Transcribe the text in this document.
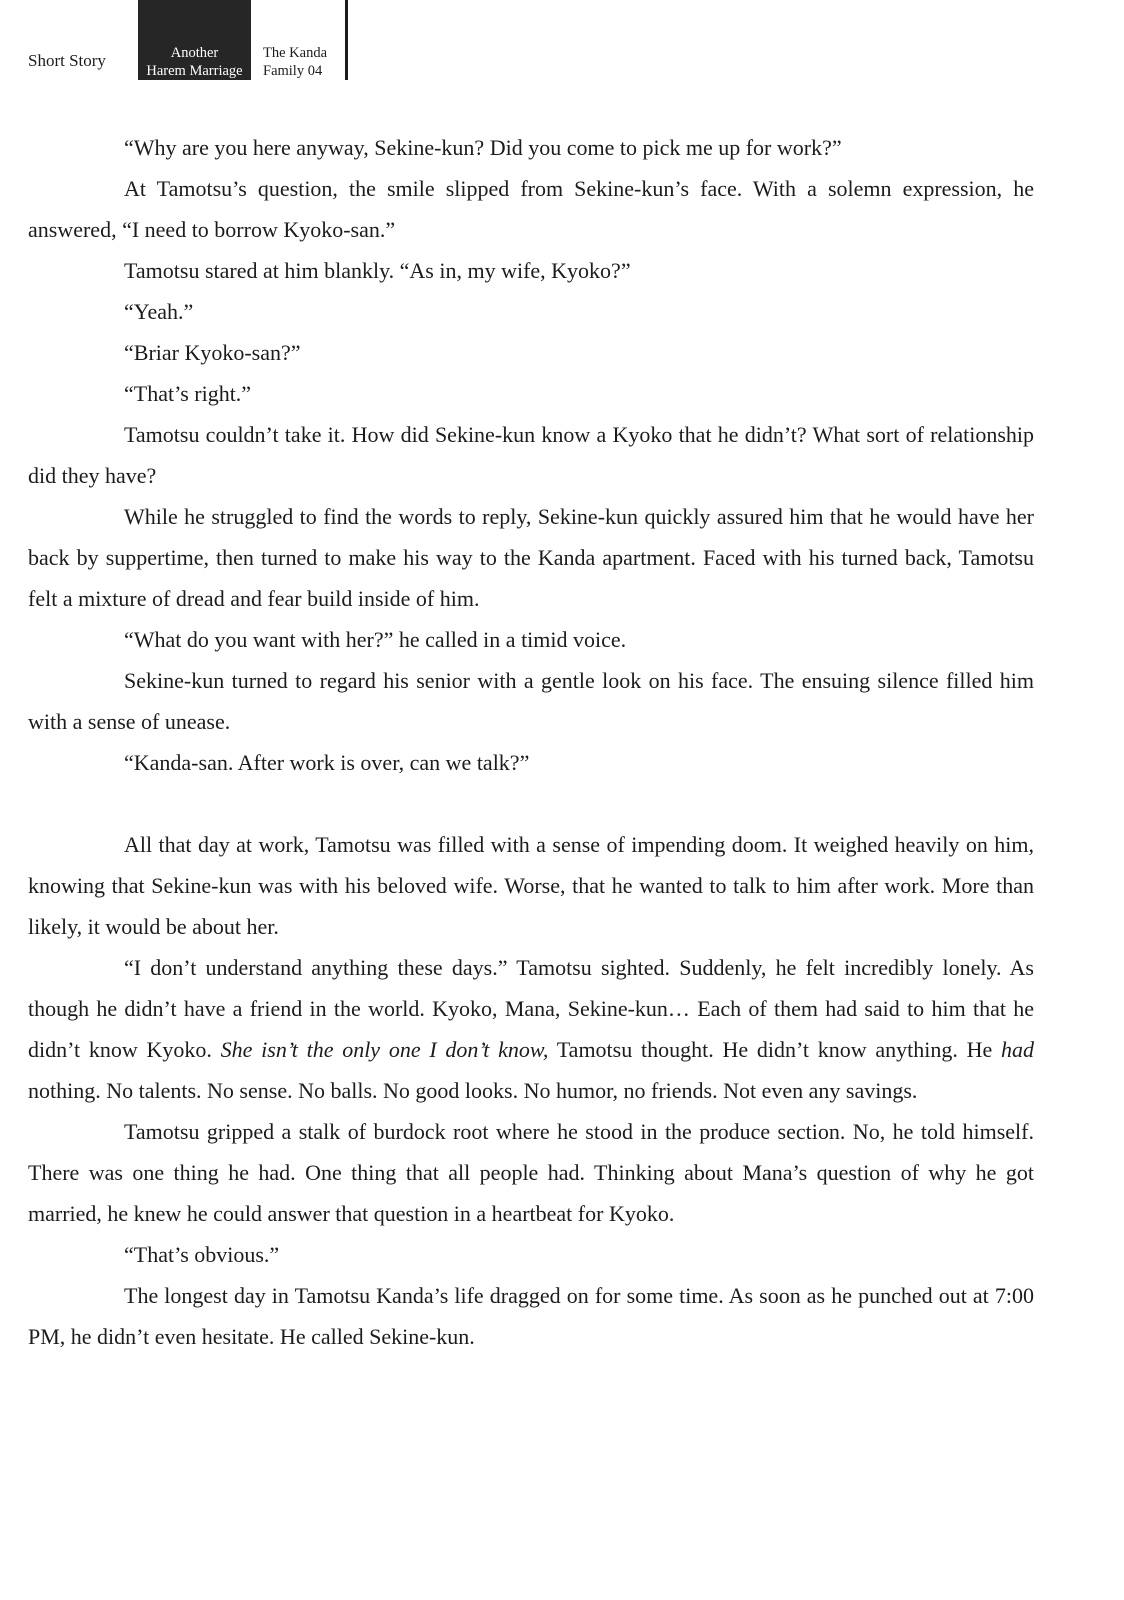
Short Story	Another
Harem Marriage
The Kanda
Family 04

“Why are you here anyway, Sekine-kun? Did you come to pick me up for work?”

At Tamotsu’s question, the smile slipped from Sekine-kun’s face. With a solemn expression, he answered, “I need to borrow Kyoko-san.”

Tamotsu stared at him blankly. “As in, my wife, Kyoko?”

“Yeah.”

“Briar Kyoko-san?”

“That’s right.”

Tamotsu couldn’t take it. How did Sekine-kun know a Kyoko that he didn’t? What sort of relationship did they have?

While he struggled to find the words to reply, Sekine-kun quickly assured him that he would have her back by suppertime, then turned to make his way to the Kanda apartment. Faced with his turned back, Tamotsu felt a mixture of dread and fear build inside of him.

“What do you want with her?” he called in a timid voice.

Sekine-kun turned to regard his senior with a gentle look on his face. The ensuing silence filled him with a sense of unease.

“Kanda-san. After work is over, can we talk?”

All that day at work, Tamotsu was filled with a sense of impending doom. It weighed heavily on him, knowing that Sekine-kun was with his beloved wife. Worse, that he wanted to talk to him after work. More than likely, it would be about her.

“I don’t understand anything these days.” Tamotsu sighted. Suddenly, he felt incredibly lonely. As though he didn’t have a friend in the world. Kyoko, Mana, Sekine-kun… Each of them had said to him that he didn’t know Kyoko. She isn’t the only one I don’t know, Tamotsu thought. He didn’t know anything. He had nothing. No talents. No sense. No balls. No good looks. No humor, no friends. Not even any savings.

Tamotsu gripped a stalk of burdock root where he stood in the produce section. No, he told himself. There was one thing he had. One thing that all people had. Thinking about Mana’s question of why he got married, he knew he could answer that question in a heartbeat for Kyoko.

“That’s obvious.”

The longest day in Tamotsu Kanda’s life dragged on for some time. As soon as he punched out at 7:00 PM, he didn’t even hesitate. He called Sekine-kun.
